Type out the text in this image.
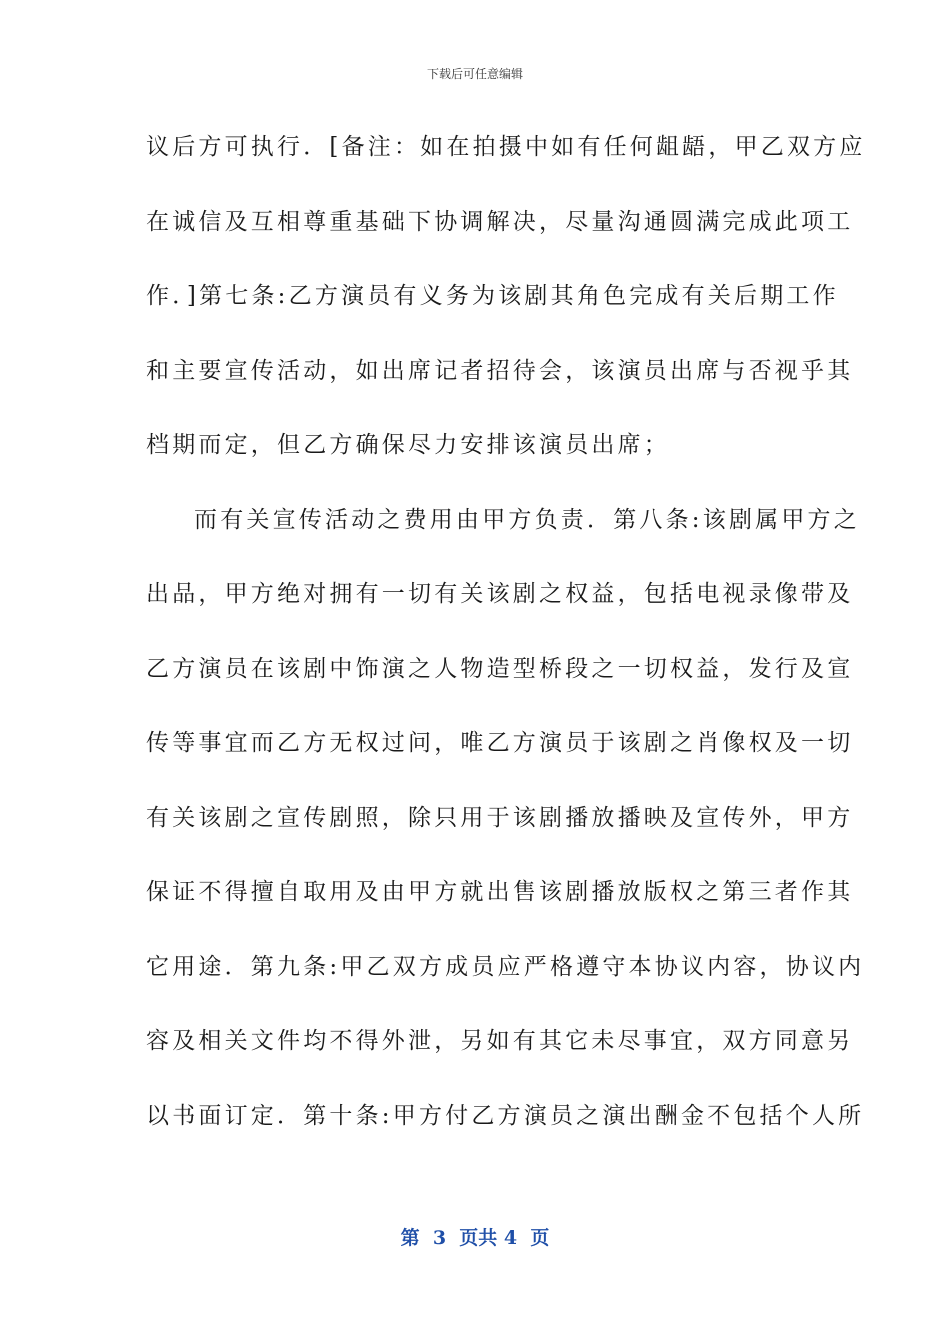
下载后可任意编辑
议后方可执行．[备注：如在拍摄中如有任何龃龉，甲乙双方应
在诚信及互相尊重基础下协调解决，尽量沟通圆满完成此项工
作．]第七条:乙方演员有义务为该剧其角色完成有关后期工作
和主要宣传活动，如出席记者招待会，该演员出席与否视乎其
档期而定，但乙方确保尽力安排该演员出席；
而有关宣传活动之费用由甲方负责．第八条:该剧属甲方之
出品，甲方绝对拥有一切有关该剧之权益，包括电视录像带及
乙方演员在该剧中饰演之人物造型桥段之一切权益，发行及宣
传等事宜而乙方无权过问，唯乙方演员于该剧之肖像权及一切
有关该剧之宣传剧照，除只用于该剧播放播映及宣传外，甲方
保证不得擅自取用及由甲方就出售该剧播放版权之第三者作其
它用途．第九条:甲乙双方成员应严格遵守本协议内容，协议内
容及相关文件均不得外泄，另如有其它未尽事宜，双方同意另
以书面订定．第十条:甲方付乙方演员之演出酬金不包括个人所
第  3  页共 4  页
